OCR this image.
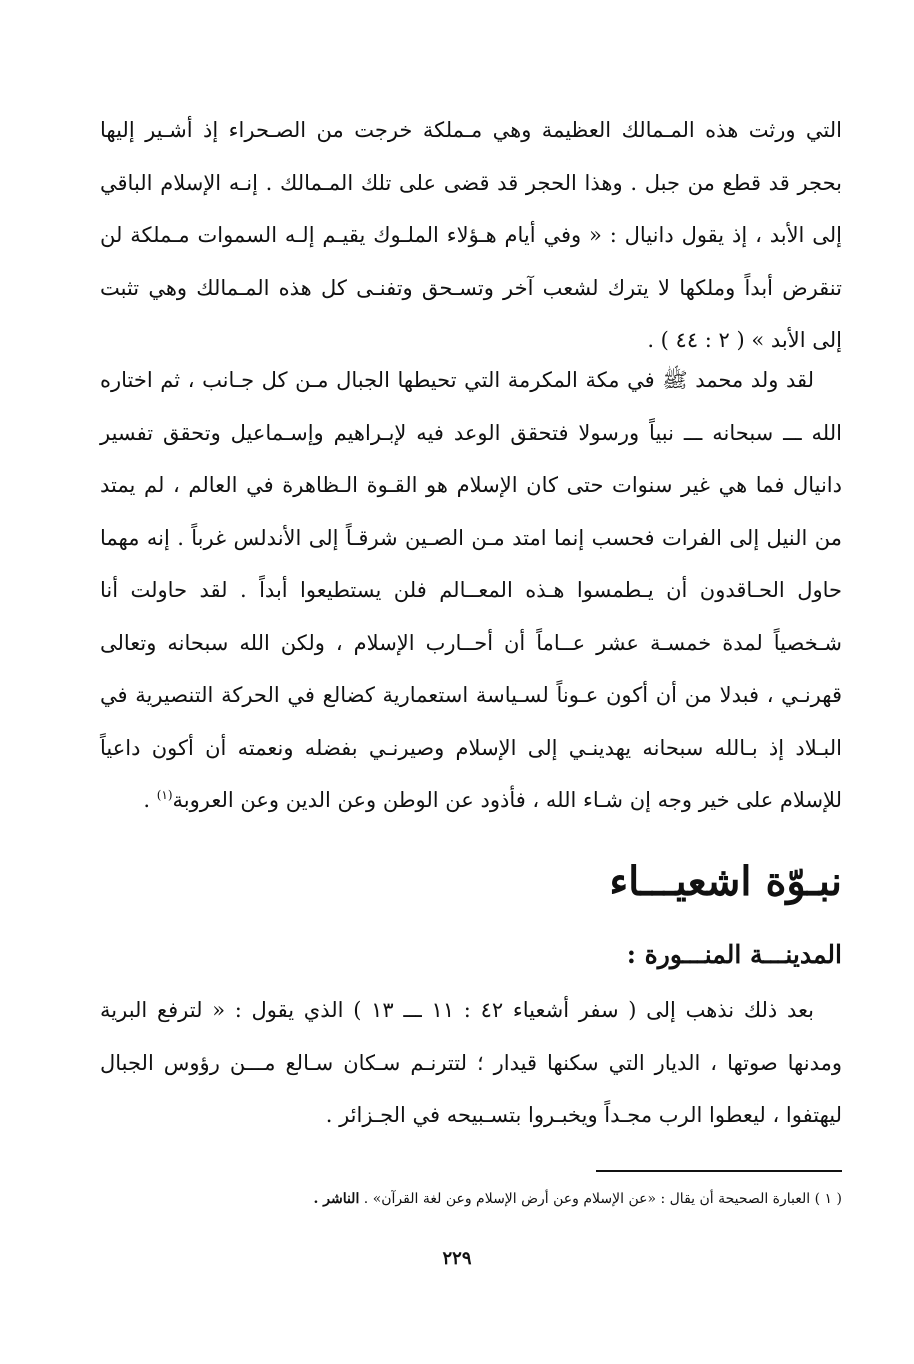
التي ورثت هذه المـمالك العظيمة وهي مـملكة خرجت من الصـحراء إذ أشـير إليها بحجر قد قطع من جبل . وهذا الحجر قد قضى على تلك المـمالك . إنـه الإسلام الباقي إلى الأبد ، إذ يقول دانيال : « وفي أيام هـؤلاء الملـوك يقيـم إلـه السموات مـملكة لن تنقرض أبداً وملكها لا يترك لشعب آخر وتسـحق وتفنـى كل هذه المـمالك وهي تثبت إلى الأبد » ( ٢ : ٤٤ ) .

لقد ولد محمد ﷺ في مكة المكرمة التي تحيطها الجبال مـن كل جـانب ، ثم اختاره الله ـــ سبحانه ـــ نبياً ورسولا فتحقق الوعد فيه لإبـراهيم وإسـماعيل وتحقق تفسير دانيال فما هي غير سنوات حتى كان الإسلام هو القـوة الـظاهرة في العالم ، لم يمتد من النيل إلى الفرات فحسب إنما امتد مـن الصـين شرقـاً إلى الأندلس غرباً . إنه مهما حاول الحـاقدون أن يـطمسوا هـذه المعــالم فلن يستطيعوا أبداً . لقد حاولت أنا شـخصياً لمدة خمسـة عشر عــاماً أن أحــارب الإسلام ، ولكن الله سبحانه وتعالى قهرنـي ، فبدلا من أن أكون عـوناً لسـياسة استعمارية كضالع في الحركة التنصيرية في البـلاد إذ بـالله سبحانه يهدينـي إلى الإسلام وصيرنـي بفضله ونعمته أن أكون داعياً للإسلام على خير وجه إن شـاء الله ، فأذود عن الوطن وعن الدين وعن العروبة$^{(١)}$ .

نبـوّة اشعيـــاء
المدينـــة المنـــورة :

بعد ذلك نذهب إلى ( سفر أشعياء ٤٢ : ١١ ـــ ١٣ ) الذي يقول : « لترفع البرية ومدنها صوتها ، الديار التي سكنها قيدار ؛ لتترنـم سـكان سـالع مـــن رؤوس الجبال ليهتفوا ، ليعطوا الرب مجـداً ويخبـروا بتسـبيحه في الجـزائر .

( ١ ) العبارة الصحيحة أن يقال : «عن الإسلام وعن أرض الإسلام وعن لغة القرآن» . الناشر .

٢٢٩
